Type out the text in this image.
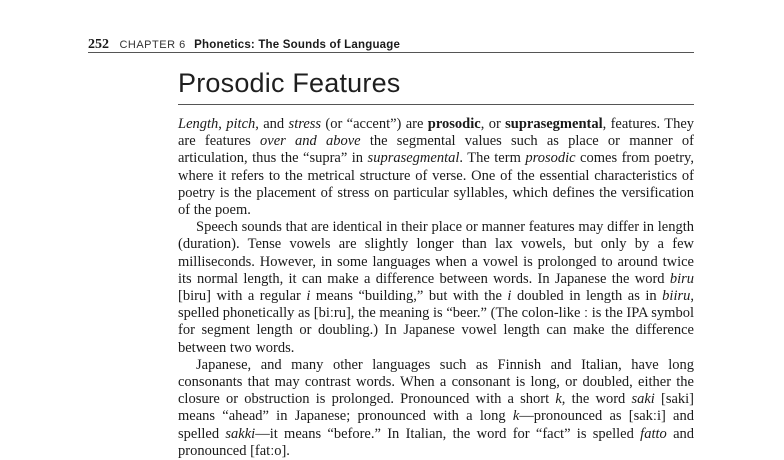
252 CHAPTER 6 Phonetics: The Sounds of Language
Prosodic Features

Length, pitch, and stress (or “accent”) are prosodic, or suprasegmental, features. They are features over and above the segmental values such as place or manner of articulation, thus the “supra” in suprasegmental. The term prosodic comes from poetry, where it refers to the metrical structure of verse. One of the essential characteristics of poetry is the placement of stress on particular syllables, which defines the versification of the poem.

Speech sounds that are identical in their place or manner features may differ in length (duration). Tense vowels are slightly longer than lax vowels, but only by a few milliseconds. However, in some languages when a vowel is prolonged to around twice its normal length, it can make a difference between words. In Japanese the word biru [biru] with a regular i means “building,” but with the i doubled in length as in biiru, spelled phonetically as [biːru], the meaning is “beer.” (The colon-like ː is the IPA symbol for segment length or doubling.) In Japanese vowel length can make the difference between two words.

Japanese, and many other languages such as Finnish and Italian, have long consonants that may contrast words. When a consonant is long, or doubled, either the closure or obstruction is prolonged. Pronounced with a short k, the word saki [saki] means “ahead” in Japanese; pronounced with a long k—pronounced as [sakːi] and spelled sakki—it means “before.” In Italian, the word for “fact” is spelled fatto and pronounced [fatːo].
